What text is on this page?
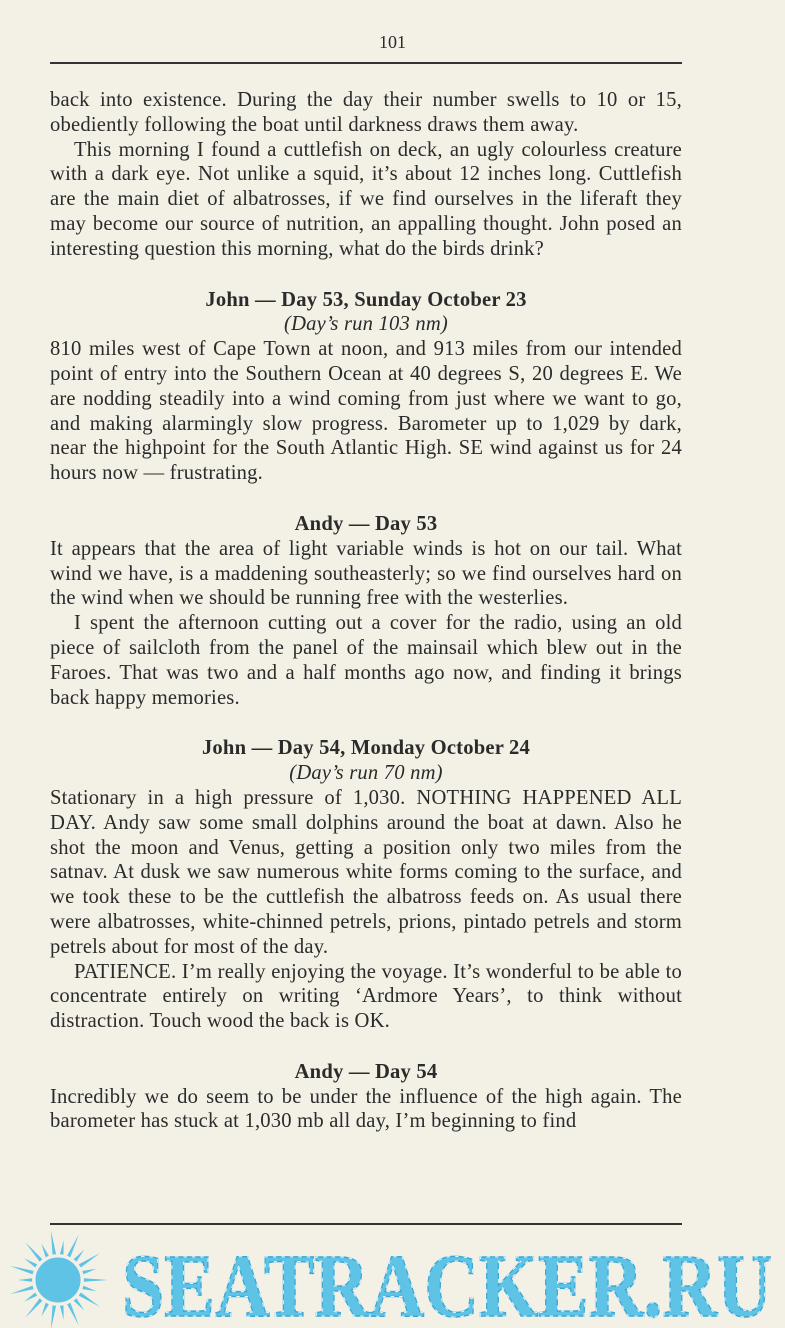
101

back into existence. During the day their number swells to 10 or 15, obediently following the boat until darkness draws them away.

This morning I found a cuttlefish on deck, an ugly colourless creature with a dark eye. Not unlike a squid, it’s about 12 inches long. Cuttlefish are the main diet of albatrosses, if we find ourselves in the liferaft they may become our source of nutrition, an appalling thought. John posed an interesting question this morning, what do the birds drink?

John — Day 53, Sunday October 23
(Day’s run 103 nm)

810 miles west of Cape Town at noon, and 913 miles from our intended point of entry into the Southern Ocean at 40 degrees S, 20 degrees E. We are nodding steadily into a wind coming from just where we want to go, and making alarmingly slow progress. Barometer up to 1,029 by dark, near the highpoint for the South Atlantic High. SE wind against us for 24 hours now — frustrating.

Andy — Day 53

It appears that the area of light variable winds is hot on our tail. What wind we have, is a maddening southeasterly; so we find ourselves hard on the wind when we should be running free with the westerlies.

I spent the afternoon cutting out a cover for the radio, using an old piece of sailcloth from the panel of the mainsail which blew out in the Faroes. That was two and a half months ago now, and finding it brings back happy memories.

John — Day 54, Monday October 24
(Day’s run 70 nm)

Stationary in a high pressure of 1,030. NOTHING HAPPENED ALL DAY. Andy saw some small dolphins around the boat at dawn. Also he shot the moon and Venus, getting a position only two miles from the satnav. At dusk we saw numerous white forms coming to the surface, and we took these to be the cuttlefish the albatross feeds on. As usual there were albatrosses, white-chinned petrels, prions, pintado petrels and storm petrels about for most of the day.

PATIENCE. I’m really enjoying the voyage. It’s wonderful to be able to concentrate entirely on writing ‘Ardmore Years’, to think without distraction. Touch wood the back is OK.

Andy — Day 54

Incredibly we do seem to be under the influence of the high again. The barometer has stuck at 1,030 mb all day, I’m beginning to find

SEATRACKER.RU
SEATRACKER.RU
